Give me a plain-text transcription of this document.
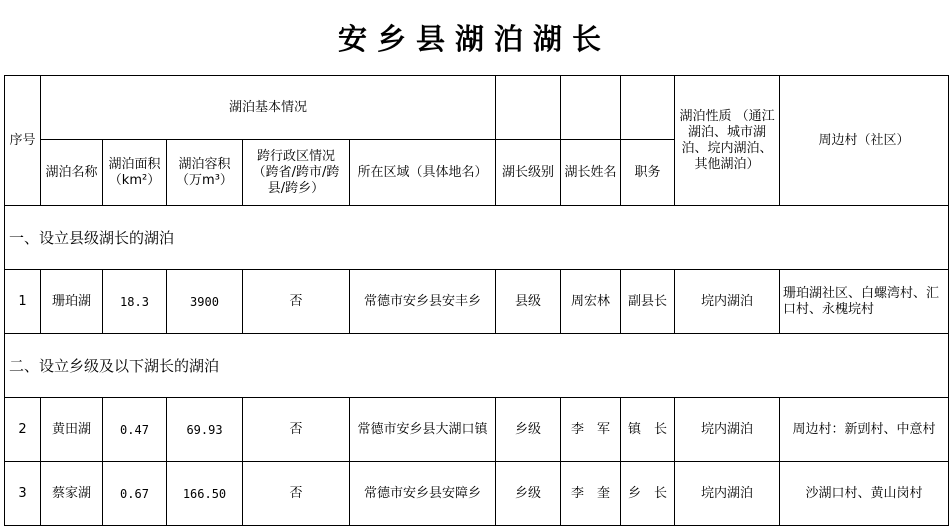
安乡县湖泊湖长
序号	湖泊基本情况								湖泊性质 （通江湖泊、城市湖泊、垸内湖泊、其他湖泊）	周边村（社区）
	湖泊名称	湖泊面积（km²）	湖泊容积（万m³）	跨行政区情况（跨省/跨市/跨县/跨乡）	所在区域（具体地名）	湖长级别	湖长姓名	职务		
一、设立县级湖长的湖泊										
1	珊珀湖	18.3	3900	否	常德市安乡县安丰乡	县级	周宏林	副县长	垸内湖泊	珊珀湖社区、白螺湾村、汇口村、永槐垸村
二、设立乡级及以下湖长的湖泊										
2	黄田湖	0.47	69.93	否	常德市安乡县大湖口镇	乡级	李　军	镇　长	垸内湖泊	周边村：新剅村、中意村
3	蔡家湖	0.67	166.50	否	常德市安乡县安障乡	乡级	李　奎	乡　长	垸内湖泊	沙湖口村、黄山岗村
